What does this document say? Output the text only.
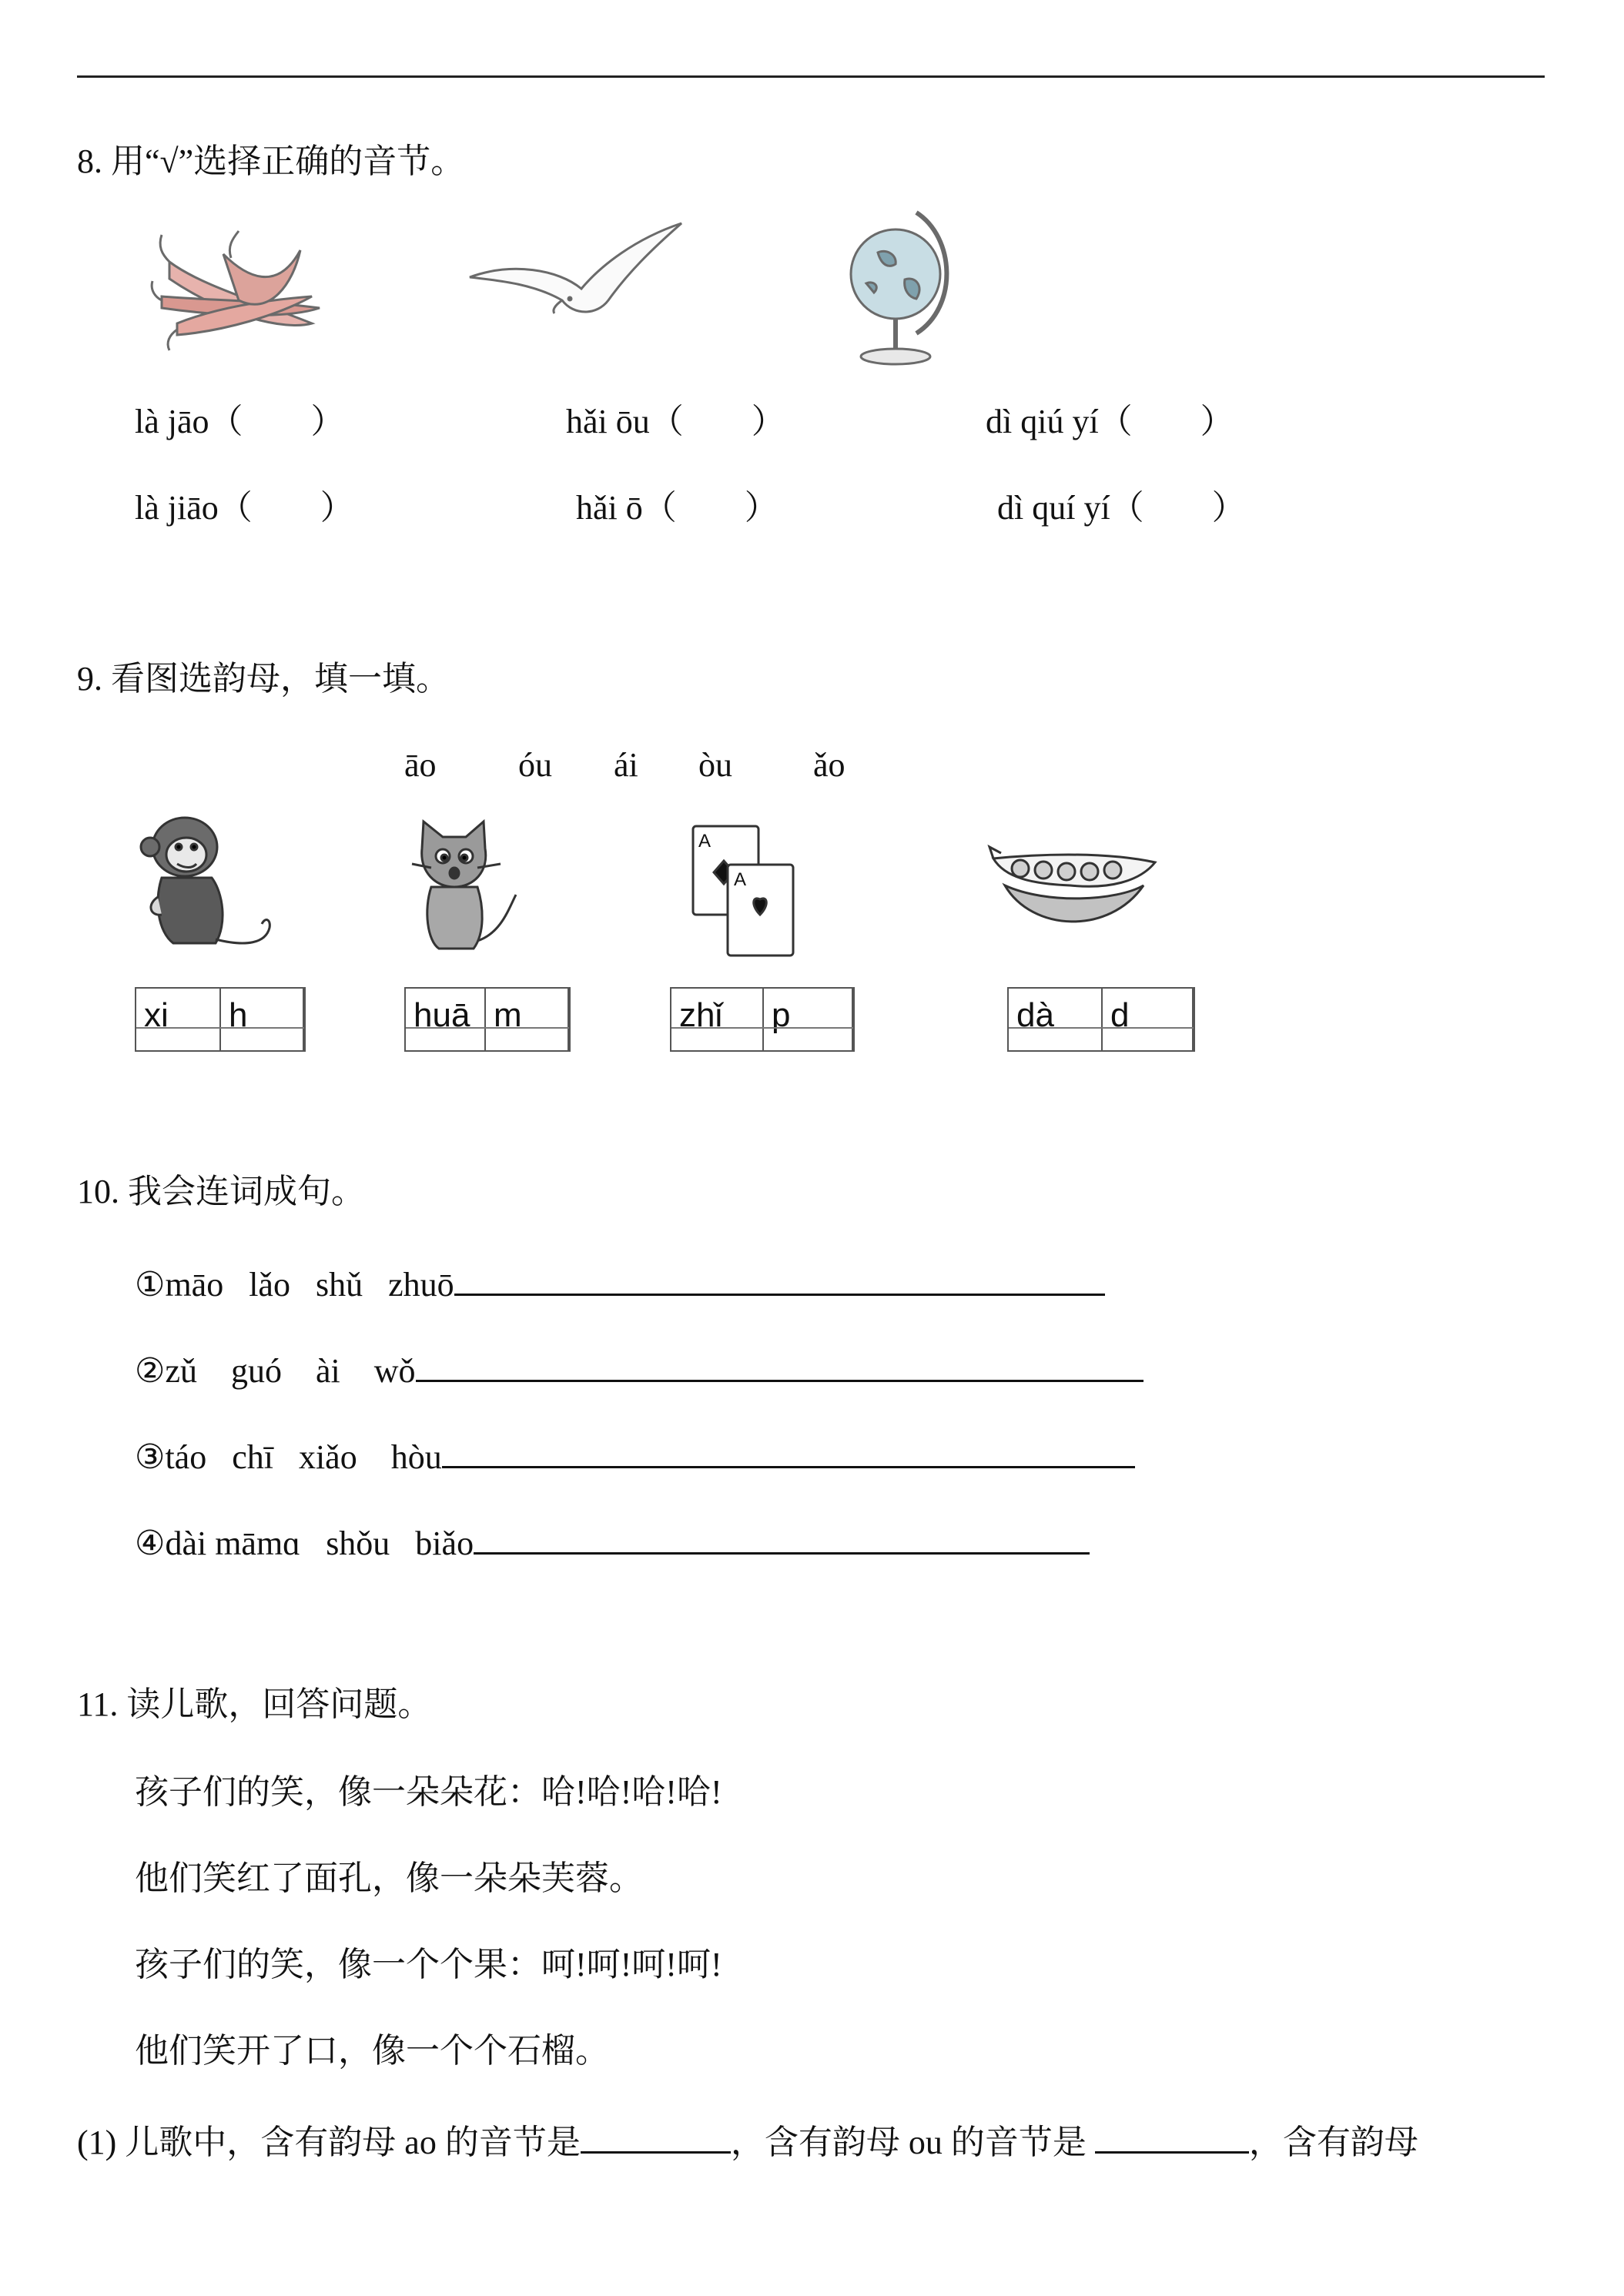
8. 用“√”选择正确的音节。
là jāo（　　）	hǎi ōu（　　）	dì qiú yí（　　）
là jiāo（　　）	hǎi ō（　　）	dì quí yí（　　）
9. 看图选韵母，填一填。
āo óu ái òu ǎo
A
A
xi h	huā m	zhǐ p	dà d
10. 我会连词成句。
①māo   lǎo   shǔ   zhuō
②zǔ    guó    ài    wǒ
③táo   chī   xiǎo    hòu
④dài māmɑ   shǒu   biǎo
11. 读儿歌，回答问题。
孩子们的笑，像一朵朵花：哈!哈!哈!哈!
他们笑红了面孔，像一朵朵芙蓉。
孩子们的笑，像一个个果：呵!呵!呵!呵!
他们笑开了口，像一个个石榴。
(1) 儿歌中，含有韵母 ao 的音节是	，含有韵母 ou 的音节是	，含有韵母
